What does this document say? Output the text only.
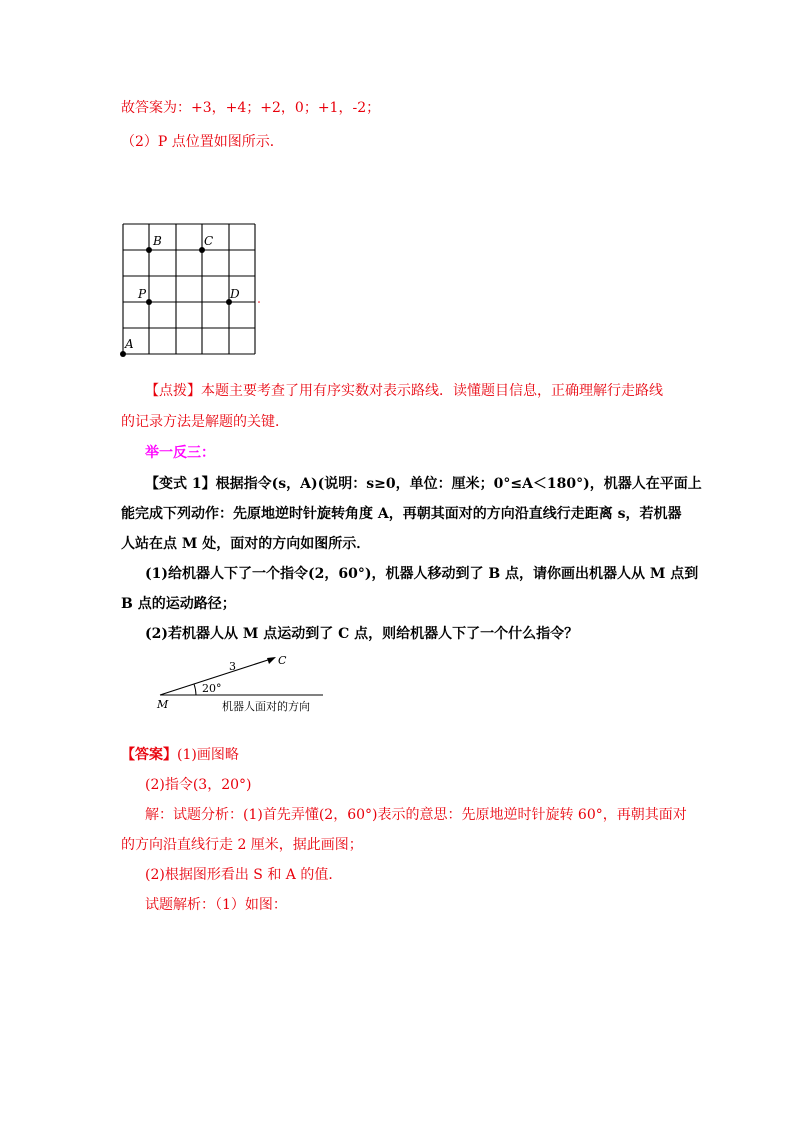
故答案为：+3，+4；+2，0；+1，-2；
（2）P 点位置如图所示．
B	C
P	D
A
【点拨】本题主要考查了用有序实数对表示路线．读懂题目信息，正确理解行走路线
的记录方法是解题的关键．
举一反三：
【变式 1】根据指令(s，A)(说明：s≥0，单位：厘米；0°≤A＜180°)，机器人在平面上
能完成下列动作：先原地逆时针旋转角度 A，再朝其面对的方向沿直线行走距离 s，若机器
人站在点 M 处，面对的方向如图所示．
(1)给机器人下了一个指令(2，60°)，机器人移动到了 B 点，请你画出机器人从 M 点到
B 点的运动路径；
(2)若机器人从 M 点运动到了 C 点，则给机器人下了一个什么指令？
C
3
20°
M	机器人面对的方向
【答案】(1)画图略
(2)指令(3，20°)
解：试题分析：(1)首先弄懂(2，60°)表示的意思：先原地逆时针旋转 60°，再朝其面对
的方向沿直线行走 2 厘米，据此画图；
(2)根据图形看出 S 和 A 的值．
试题解析：（1）如图：
